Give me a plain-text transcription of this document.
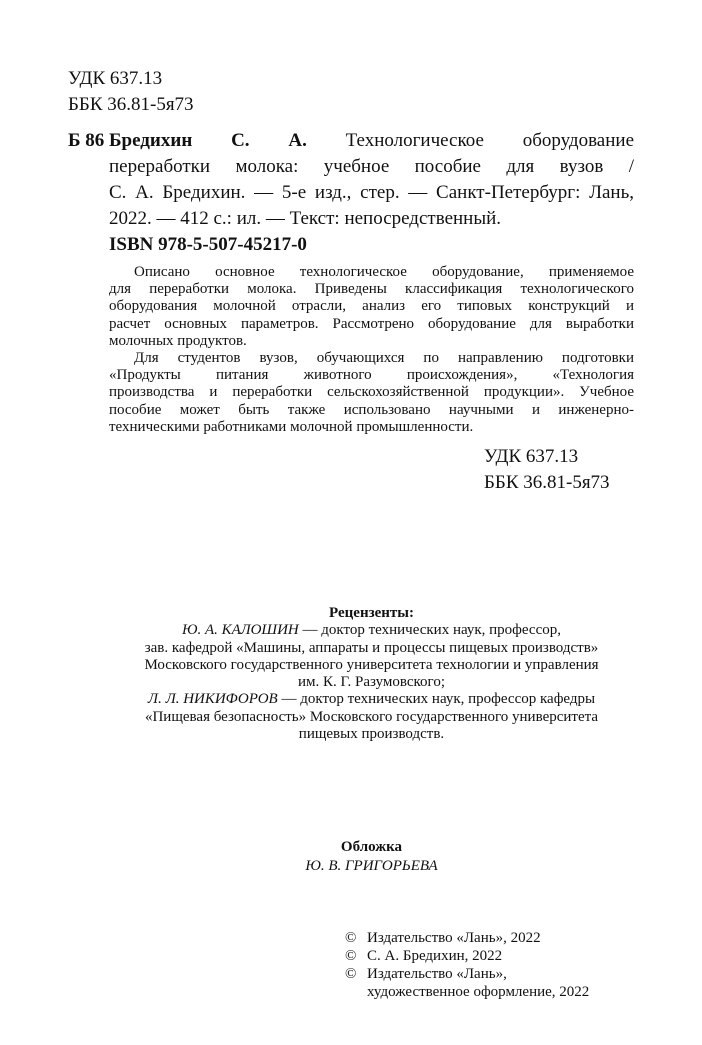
УДК 637.13
ББК 36.81-5я73
Б 86 Бредихин С. А. Технологическое оборудование
переработки молока: учебное пособие для вузов /
С. А. Бредихин. — 5-е изд., стер. — Санкт-Петербург: Лань,
2022. — 412 с.: ил. — Текст: непосредственный.
ISBN 978-5-507-45217-0
Описано основное технологическое оборудование, применяемое
для переработки молока. Приведены классификация технологического
оборудования молочной отрасли, анализ его типовых конструкций и
расчет основных параметров. Рассмотрено оборудование для выработки
молочных продуктов.
Для студентов вузов, обучающихся по направлению подготовки
«Продукты питания животного происхождения», «Технология
производства и переработки сельскохозяйственной продукции». Учебное
пособие может быть также использовано научными и инженерно-
техническими работниками молочной промышленности.
УДК 637.13
ББК 36.81-5я73
Рецензенты:
Ю. А. КАЛОШИН — доктор технических наук, профессор,
зав. кафедрой «Машины, аппараты и процессы пищевых производств»
Московского государственного университета технологии и управления
им. К. Г. Разумовского;
Л. Л. НИКИФОРОВ — доктор технических наук, профессор кафедры
«Пищевая безопасность» Московского государственного университета
пищевых производств.
Обложка
Ю. В. ГРИГОРЬЕВА
© Издательство «Лань», 2022
© С. А. Бредихин, 2022
© Издательство «Лань»,
художественное оформление, 2022
